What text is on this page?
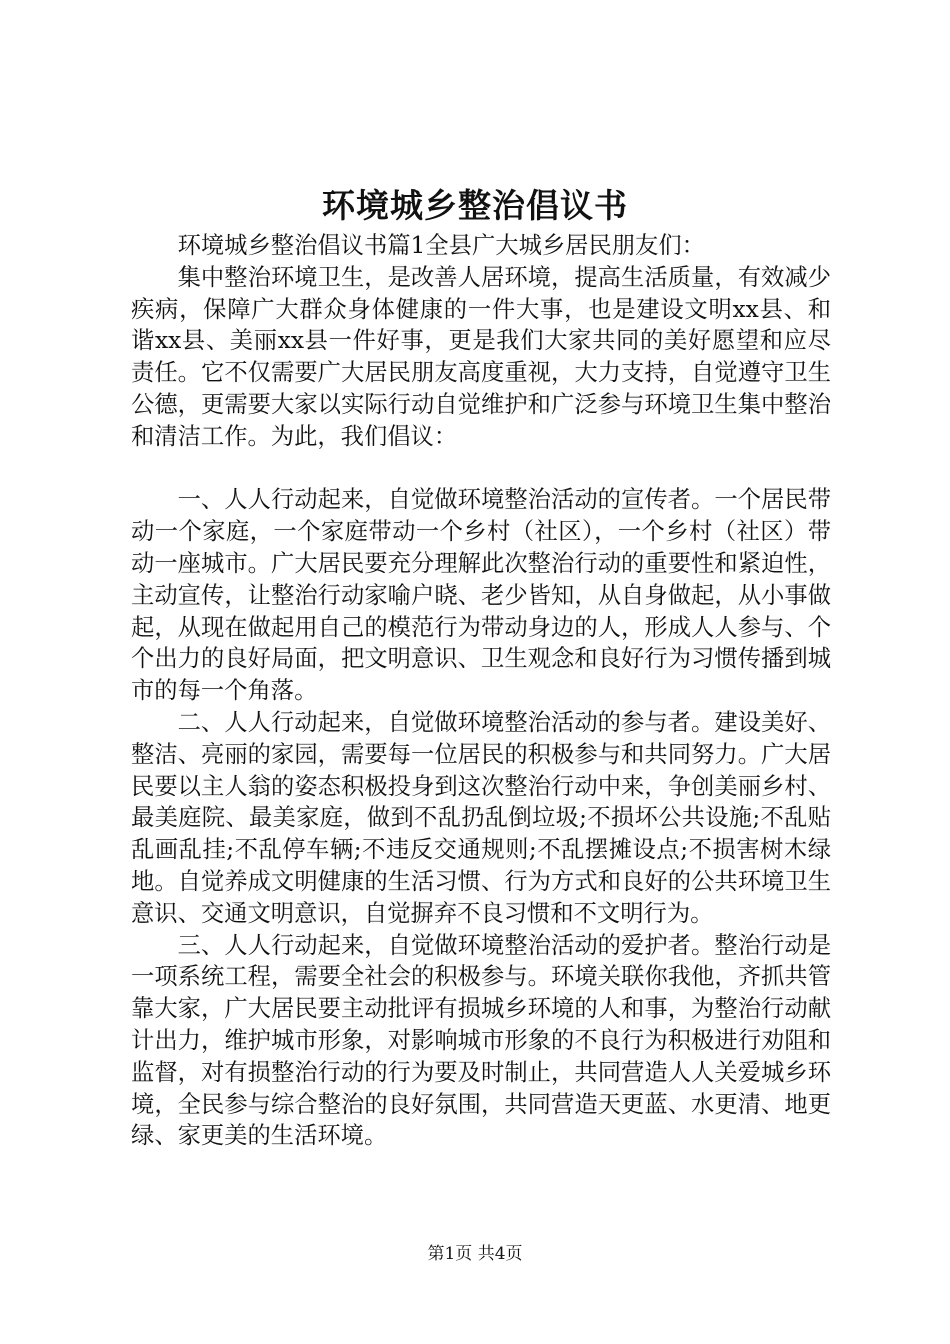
环境城乡整治倡议书

环境城乡整治倡议书篇1全县广大城乡居民朋友们：

集中整治环境卫生，是改善人居环境，提高生活质量，有效减少疾病，保障广大群众身体健康的一件大事，也是建设文明xx县、和谐xx县、美丽xx县一件好事，更是我们大家共同的美好愿望和应尽责任。它不仅需要广大居民朋友高度重视，大力支持，自觉遵守卫生公德，更需要大家以实际行动自觉维护和广泛参与环境卫生集中整治和清洁工作。为此，我们倡议：

一、人人行动起来，自觉做环境整治活动的宣传者。一个居民带动一个家庭，一个家庭带动一个乡村（社区），一个乡村（社区）带动一座城市。广大居民要充分理解此次整治行动的重要性和紧迫性，主动宣传，让整治行动家喻户晓、老少皆知，从自身做起，从小事做起，从现在做起用自己的模范行为带动身边的人，形成人人参与、个个出力的良好局面，把文明意识、卫生观念和良好行为习惯传播到城市的每一个角落。

二、人人行动起来，自觉做环境整治活动的参与者。建设美好、整洁、亮丽的家园，需要每一位居民的积极参与和共同努力。广大居民要以主人翁的姿态积极投身到这次整治行动中来，争创美丽乡村、最美庭院、最美家庭，做到不乱扔乱倒垃圾;不损坏公共设施;不乱贴乱画乱挂;不乱停车辆;不违反交通规则;不乱摆摊设点;不损害树木绿地。自觉养成文明健康的生活习惯、行为方式和良好的公共环境卫生意识、交通文明意识，自觉摒弃不良习惯和不文明行为。

三、人人行动起来，自觉做环境整治活动的爱护者。整治行动是一项系统工程，需要全社会的积极参与。环境关联你我他，齐抓共管靠大家，广大居民要主动批评有损城乡环境的人和事，为整治行动献计出力，维护城市形象，对影响城市形象的不良行为积极进行劝阻和监督，对有损整治行动的行为要及时制止，共同营造人人关爱城乡环境，全民参与综合整治的良好氛围，共同营造天更蓝、水更清、地更绿、家更美的生活环境。

第1页 共4页
